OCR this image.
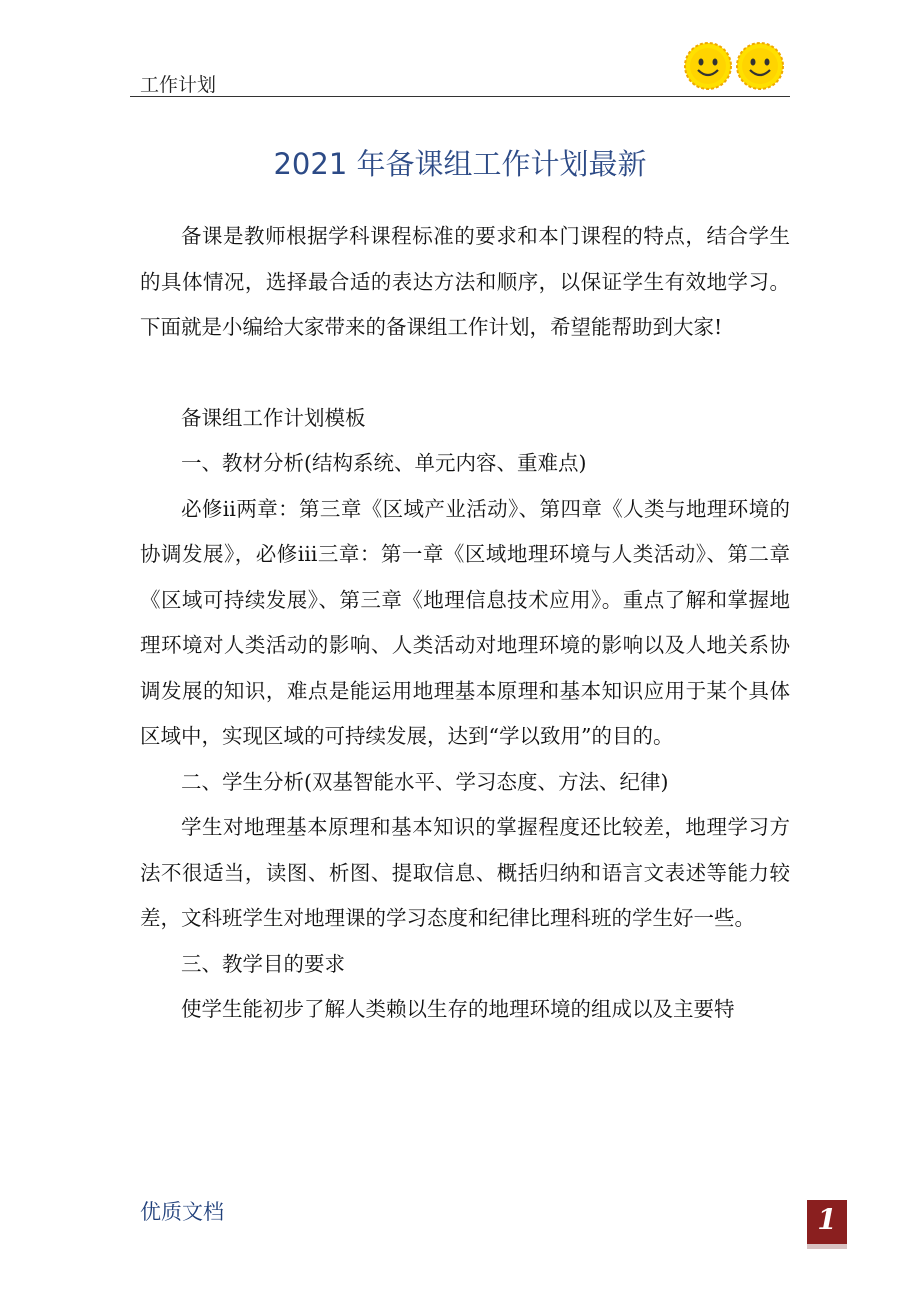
工作计划
2021 年备课组工作计划最新

备课是教师根据学科课程标准的要求和本门课程的特点，结合学生的具体情况，选择最合适的表达方法和顺序，以保证学生有效地学习。下面就是小编给大家带来的备课组工作计划，希望能帮助到大家!

备课组工作计划模板

一、教材分析(结构系统、单元内容、重难点)

必修ⅱ两章：第三章《区域产业活动》、第四章《人类与地理环境的协调发展》，必修ⅲ三章：第一章《区域地理环境与人类活动》、第二章《区域可持续发展》、第三章《地理信息技术应用》。重点了解和掌握地理环境对人类活动的影响、人类活动对地理环境的影响以及人地关系协调发展的知识，难点是能运用地理基本原理和基本知识应用于某个具体区域中，实现区域的可持续发展，达到“学以致用”的目的。

二、学生分析(双基智能水平、学习态度、方法、纪律)

学生对地理基本原理和基本知识的掌握程度还比较差，地理学习方法不很适当，读图、析图、提取信息、概括归纳和语言文表述等能力较差，文科班学生对地理课的学习态度和纪律比理科班的学生好一些。

三、教学目的要求

使学生能初步了解人类赖以生存的地理环境的组成以及主要特

优质文档	1
